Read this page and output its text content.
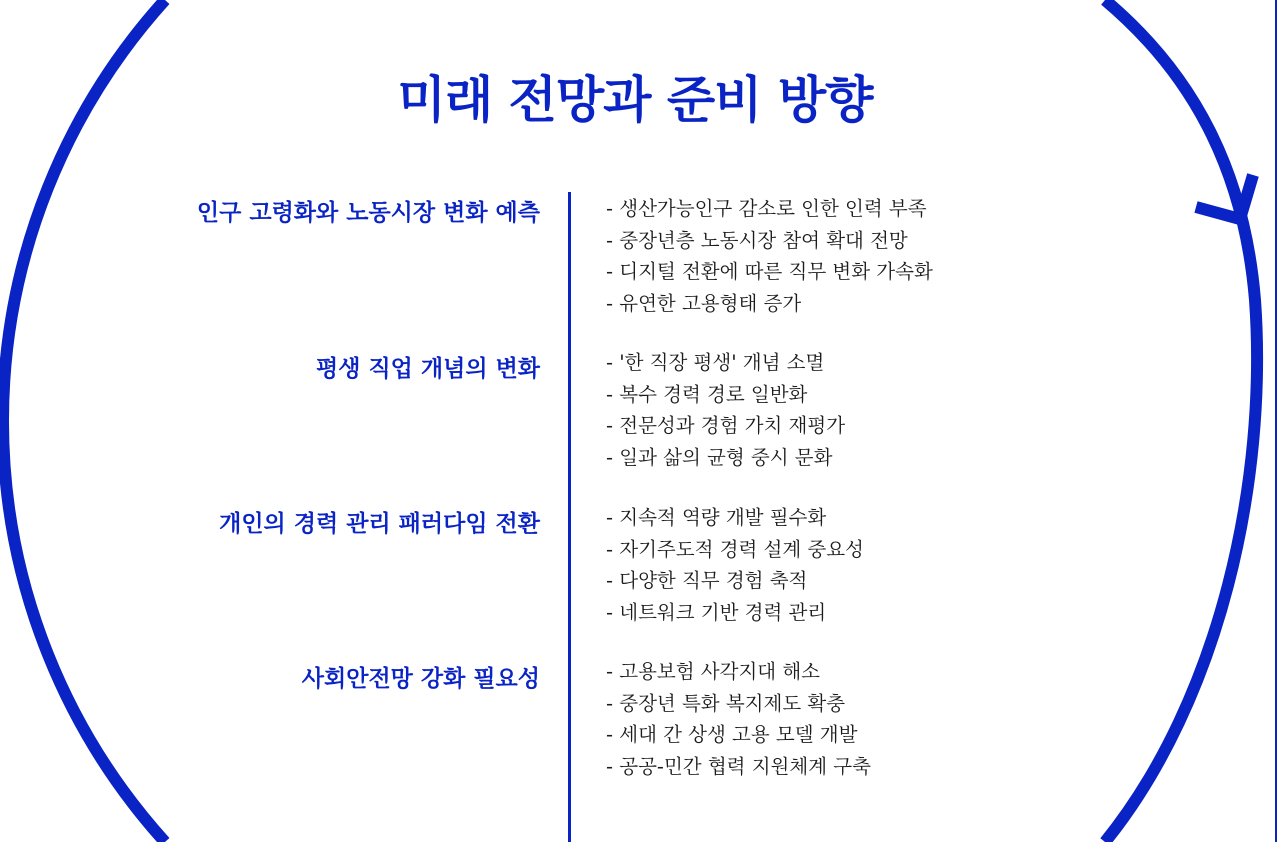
미래 전망과 준비 방향
인구 고령화와 노동시장 변화 예측	- 생산가능인구 감소로 인한 인력 부족
- 중장년층 노동시장 참여 확대 전망
- 디지털 전환에 따른 직무 변화 가속화
- 유연한 고용형태 증가
평생 직업 개념의 변화	- '한 직장 평생' 개념 소멸
- 복수 경력 경로 일반화
- 전문성과 경험 가치 재평가
- 일과 삶의 균형 중시 문화
개인의 경력 관리 패러다임 전환	- 지속적 역량 개발 필수화
- 자기주도적 경력 설계 중요성
- 다양한 직무 경험 축적
- 네트워크 기반 경력 관리
사회안전망 강화 필요성	- 고용보험 사각지대 해소
- 중장년 특화 복지제도 확충
- 세대 간 상생 고용 모델 개발
- 공공-민간 협력 지원체계 구축
